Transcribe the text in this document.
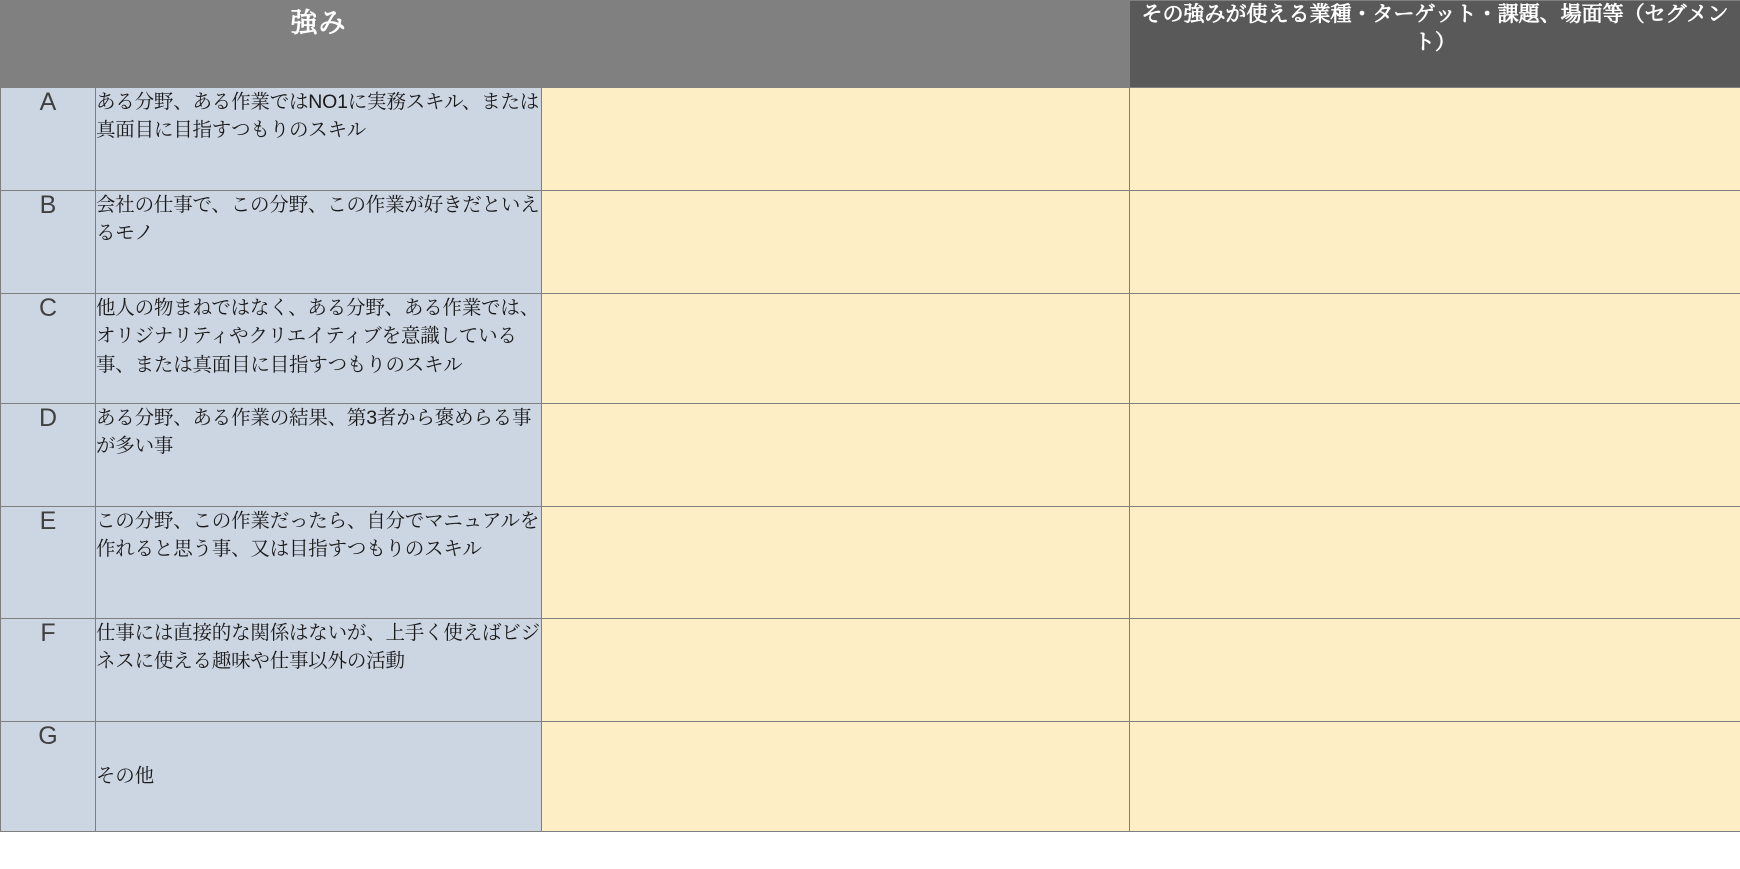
	強み		その強みが使える業種・ターゲット・課題、場面等（セグメント）
A	ある分野、ある作業ではNO1に実務スキル、または真面目に目指すつもりのスキル		
B	会社の仕事で、この分野、この作業が好きだといえるモノ		
C	他人の物まねではなく、ある分野、ある作業では、オリジナリティやクリエイティブを意識している事、または真面目に目指すつもりのスキル		
D	ある分野、ある作業の結果、第3者から褒めらる事が多い事		
E	この分野、この作業だったら、自分でマニュアルを作れると思う事、又は目指すつもりのスキル		
F	仕事には直接的な関係はないが、上手く使えばビジネスに使える趣味や仕事以外の活動		
G	その他		
